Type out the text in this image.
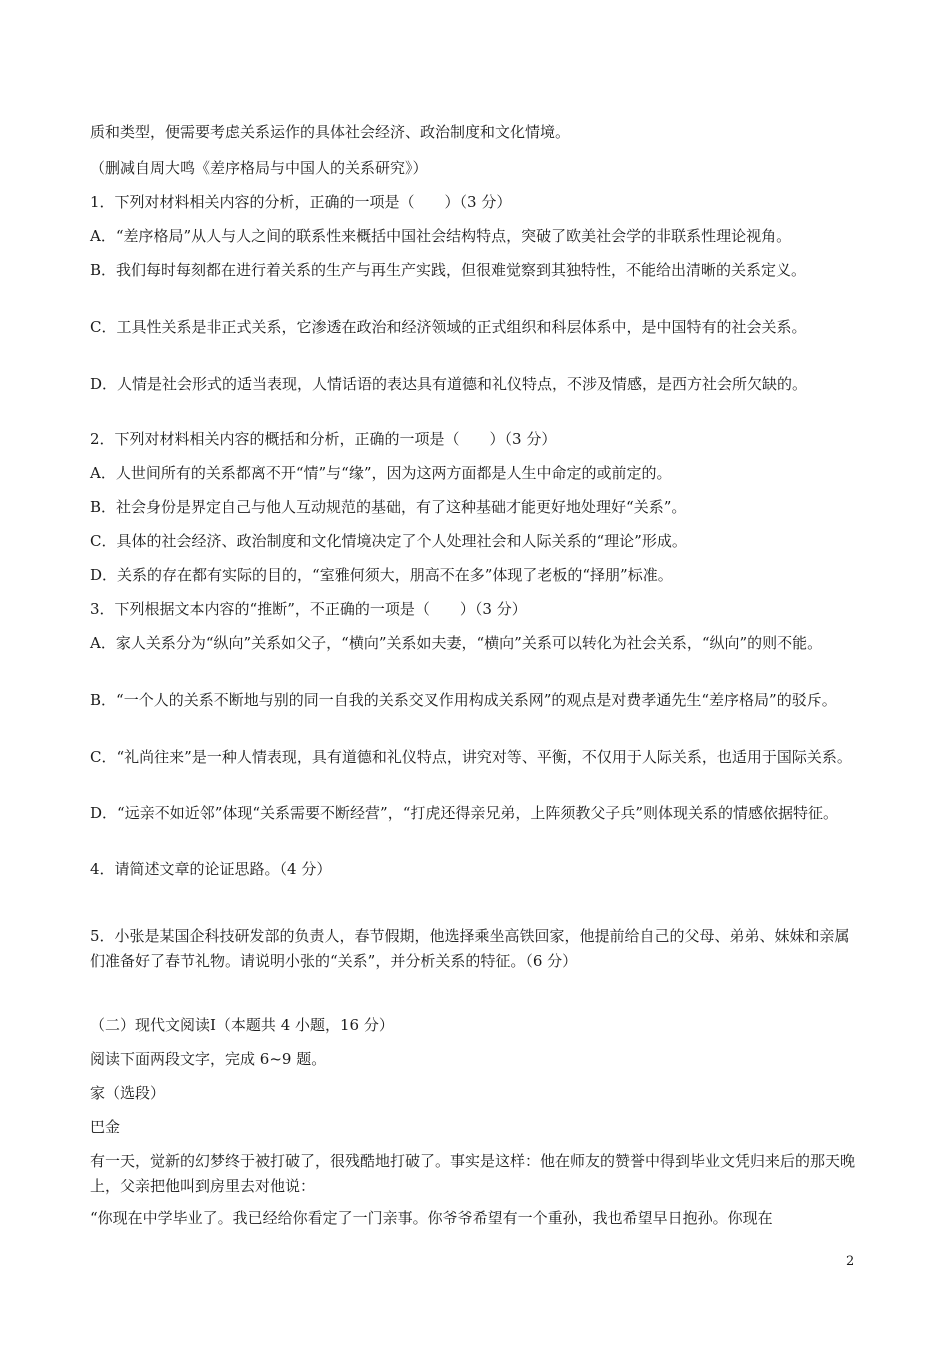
质和类型，便需要考虑关系运作的具体社会经济、政治制度和文化情境。

（删减自周大鸣《差序格局与中国人的关系研究》）

1．下列对材料相关内容的分析，正确的一项是（　　）（3 分）

A．“差序格局”从人与人之间的联系性来概括中国社会结构特点，突破了欧美社会学的非联系性理论视角。

B．我们每时每刻都在进行着关系的生产与再生产实践，但很难觉察到其独特性，不能给出清晰的关系定义。

C．工具性关系是非正式关系，它渗透在政治和经济领域的正式组织和科层体系中，是中国特有的社会关系。

D．人情是社会形式的适当表现，人情话语的表达具有道德和礼仪特点，不涉及情感，是西方社会所欠缺的。

2．下列对材料相关内容的概括和分析，正确的一项是（　　）（3 分）

A．人世间所有的关系都离不开“情”与“缘”，因为这两方面都是人生中命定的或前定的。

B．社会身份是界定自己与他人互动规范的基础，有了这种基础才能更好地处理好“关系”。

C．具体的社会经济、政治制度和文化情境决定了个人处理社会和人际关系的“理论”形成。

D．关系的存在都有实际的目的，“室雅何须大，朋高不在多”体现了老板的“择朋”标准。

3．下列根据文本内容的“推断”，不正确的一项是（　　）（3 分）

A．家人关系分为“纵向”关系如父子，“横向”关系如夫妻，“横向”关系可以转化为社会关系，“纵向”的则不能。

B．“一个人的关系不断地与别的同一自我的关系交叉作用构成关系网”的观点是对费孝通先生“差序格局”的驳斥。

C．“礼尚往来”是一种人情表现，具有道德和礼仪特点，讲究对等、平衡，不仅用于人际关系，也适用于国际关系。

D．“远亲不如近邻”体现“关系需要不断经营”，“打虎还得亲兄弟，上阵须教父子兵”则体现关系的情感依据特征。

4．请简述文章的论证思路。（4 分）

5．小张是某国企科技研发部的负责人，春节假期，他选择乘坐高铁回家，他提前给自己的父母、弟弟、妹妹和亲属们准备好了春节礼物。请说明小张的“关系”，并分析关系的特征。（6 分）

（二）现代文阅读Ⅰ（本题共 4 小题，16 分）

阅读下面两段文字，完成 6~9 题。

家（选段）

巴金

有一天，觉新的幻梦终于被打破了，很残酷地打破了。事实是这样：他在师友的赞誉中得到毕业文凭归来后的那天晚上，父亲把他叫到房里去对他说：

“你现在中学毕业了。我已经给你看定了一门亲事。你爷爷希望有一个重孙，我也希望早日抱孙。你现在

2
